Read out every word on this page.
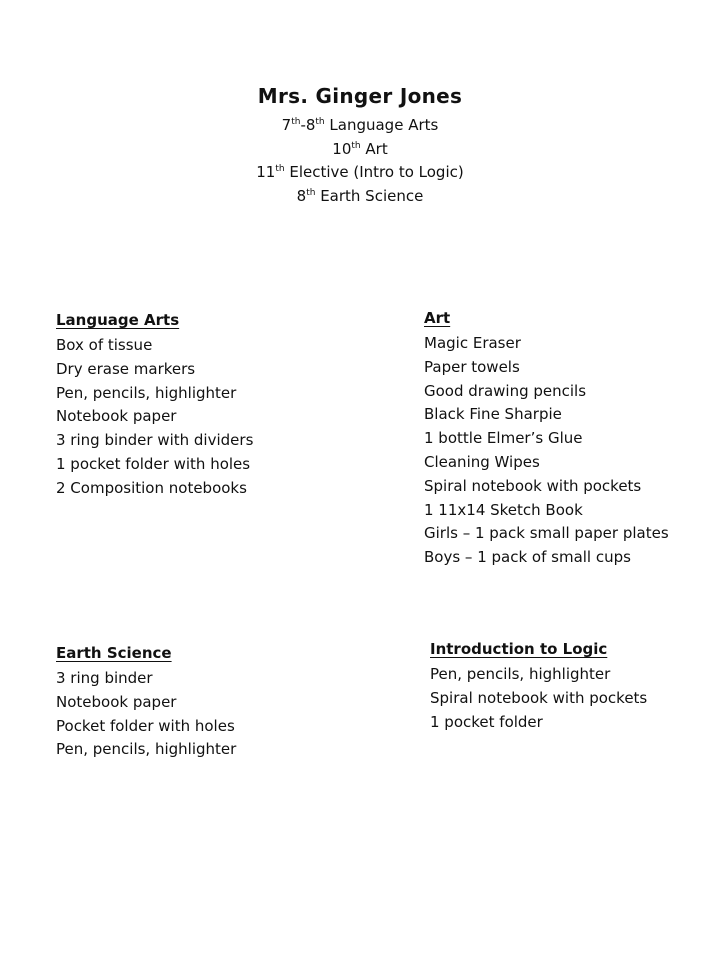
Mrs. Ginger Jones

7th-8th Language Arts

10th Art

11th Elective (Intro to Logic)

8th Earth Science

Language Arts
Box of tissue
Dry erase markers
Pen, pencils, highlighter
Notebook paper
3 ring binder with dividers
1 pocket folder with holes
2 Composition notebooks
Art
Magic Eraser
Paper towels
Good drawing pencils
Black Fine Sharpie
1 bottle Elmer’s Glue
Cleaning Wipes
Spiral notebook with pockets
1 11x14 Sketch Book
Girls – 1 pack small paper plates
Boys – 1 pack of small cups
Earth Science
3 ring binder
Notebook paper
Pocket folder with holes
Pen, pencils, highlighter
Introduction to Logic
Pen, pencils, highlighter
Spiral notebook with pockets
1 pocket folder
